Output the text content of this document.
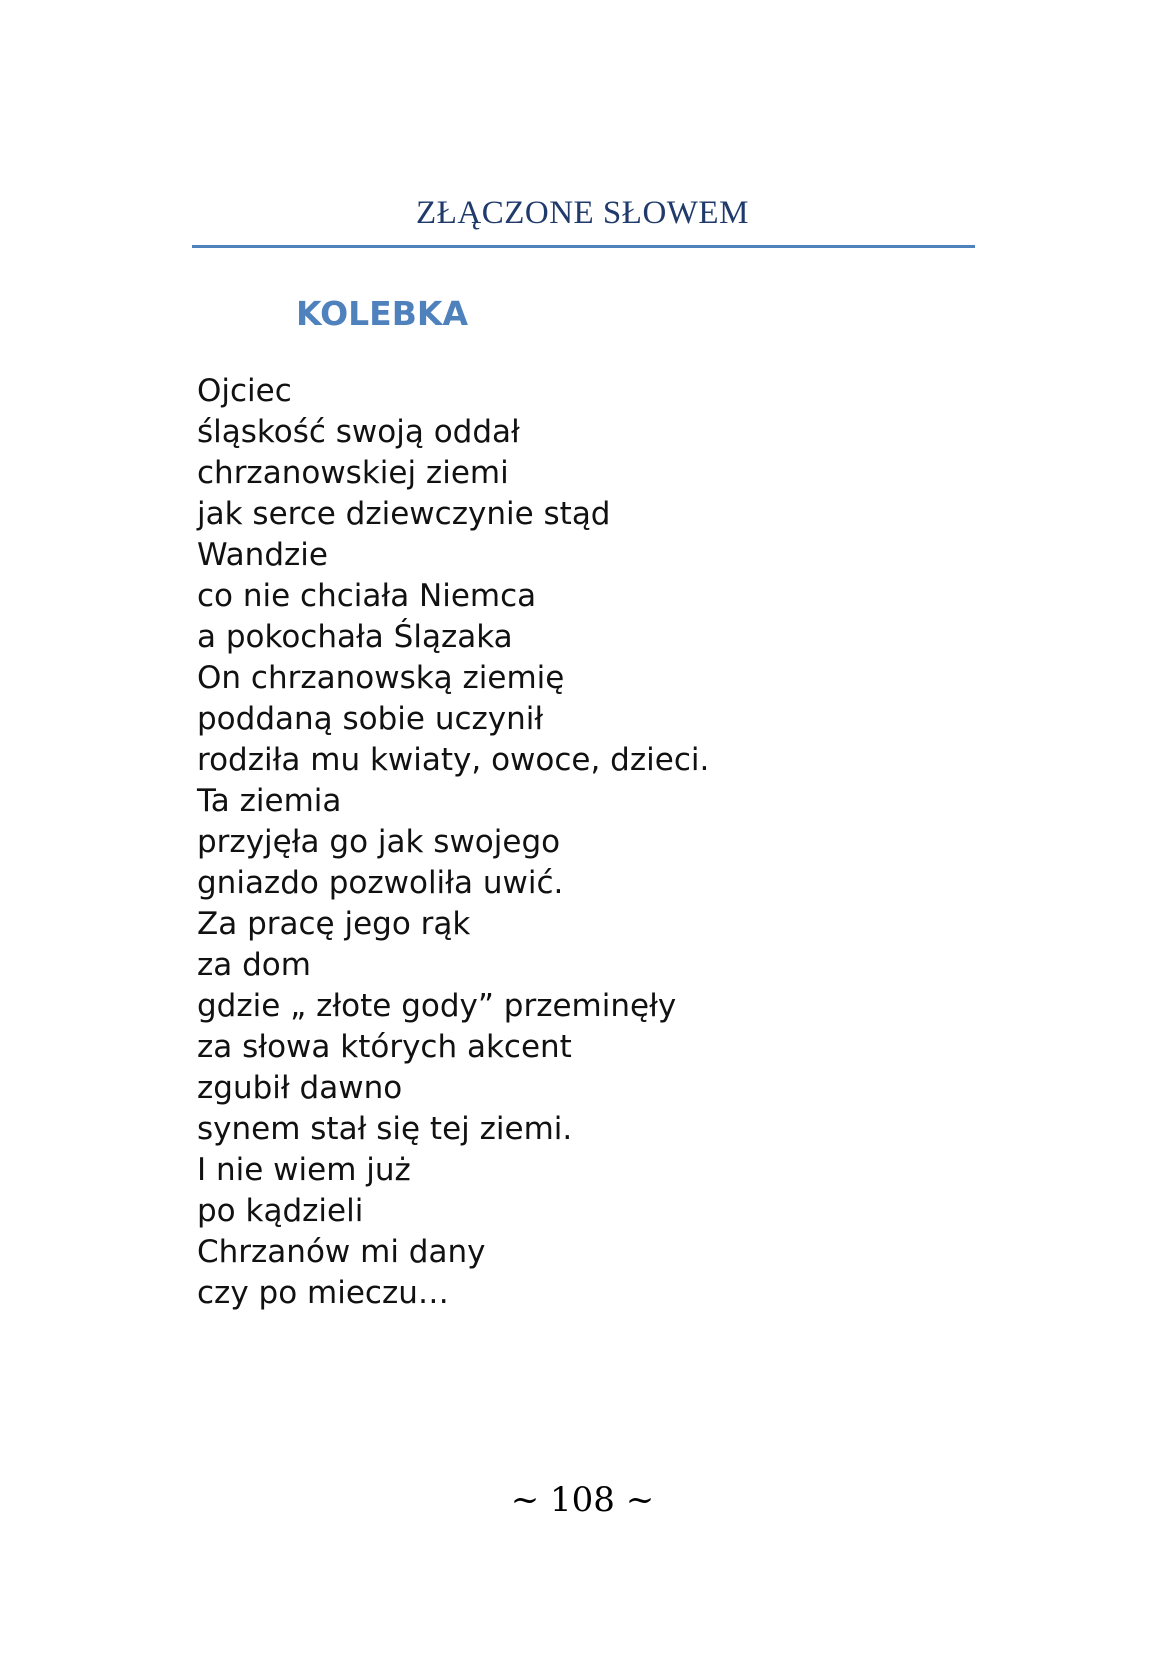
ZŁĄCZONE SŁOWEM
KOLEBKA
Ojciec
śląskość swoją oddał
chrzanowskiej ziemi
jak serce dziewczynie stąd
Wandzie
co nie chciała Niemca
a pokochała Ślązaka
On chrzanowską ziemię
poddaną sobie uczynił
rodziła mu kwiaty, owoce, dzieci.
Ta ziemia
przyjęła go jak swojego
gniazdo pozwoliła uwić.
Za pracę jego rąk
za dom
gdzie „ złote gody” przeminęły
za słowa których akcent
zgubił dawno
synem stał się tej ziemi.
I nie wiem już
po kądzieli
Chrzanów mi dany
czy po mieczu…
~ 108 ~
